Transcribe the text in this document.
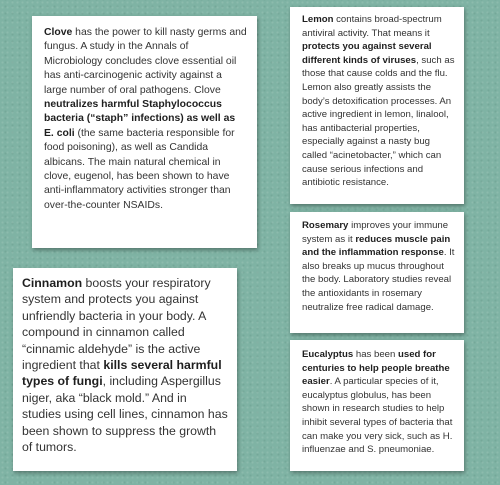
Clove has the power to kill nasty germs and fungus. A study in the Annals of Microbiology concludes clove essential oil has anti-carcinogenic activity against a large number of oral pathogens. Clove neutralizes harmful Staphylococcus bacteria (“staph” infections) as well as E. coli (the same bacteria responsible for food poisoning), as well as Candida albicans. The main natural chemical in clove, eugenol, has been shown to have anti-inflammatory activities stronger than over-the-counter NSAIDs.

Lemon contains broad-spectrum antiviral activity. That means it protects you against several different kinds of viruses, such as those that cause colds and the flu. Lemon also greatly assists the body’s detoxification processes. An active ingredient in lemon, linalool, has antibacterial properties, especially against a nasty bug called “acinetobacter,” which can cause serious infections and antibiotic resistance.

Rosemary improves your immune system as it reduces muscle pain and the inflammation response. It also breaks up mucus throughout the body. Laboratory studies reveal the antioxidants in rosemary neutralize free radical damage.

Cinnamon boosts your respiratory system and protects you against unfriendly bacteria in your body. A compound in cinnamon called “cinnamic aldehyde” is the active ingredient that kills several harmful types of fungi, including Aspergillus niger, aka “black mold.” And in studies using cell lines, cinnamon has been shown to suppress the growth of tumors.

Eucalyptus has been used for centuries to help people breathe easier. A particular species of it, eucalyptus globulus, has been shown in research studies to help inhibit several types of bacteria that can make you very sick, such as H. influenzae and S. pneumoniae.
